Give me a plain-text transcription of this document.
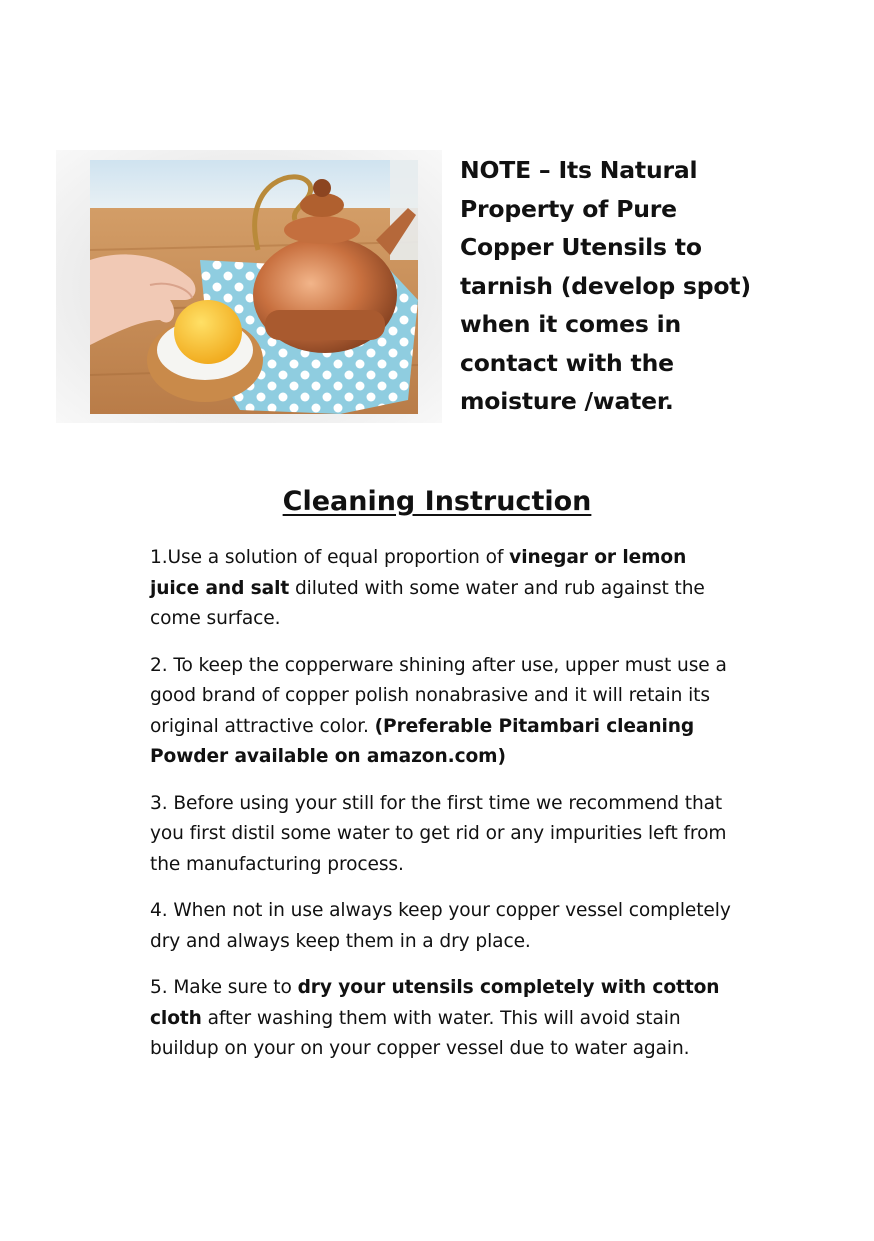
NOTE – Its Natural Property of Pure Copper Utensils to tarnish (develop spot) when it comes in contact with the moisture /water.
Cleaning Instruction

1.Use a solution of equal proportion of vinegar or lemon juice and salt diluted with some water and rub against the come surface.

2. To keep the copperware shining after use, upper must use a good brand of copper polish nonabrasive and it will retain its original attractive color. (Preferable Pitambari cleaning Powder available on amazon.com)

3. Before using your still for the first time we recommend that you first distil some water to get rid or any impurities left from the manufacturing process.

4. When not in use always keep your copper vessel completely dry and always keep them in a dry place.

5. Make sure to dry your utensils completely with cotton cloth after washing them with water. This will avoid stain buildup on your on your copper vessel due to water again.
